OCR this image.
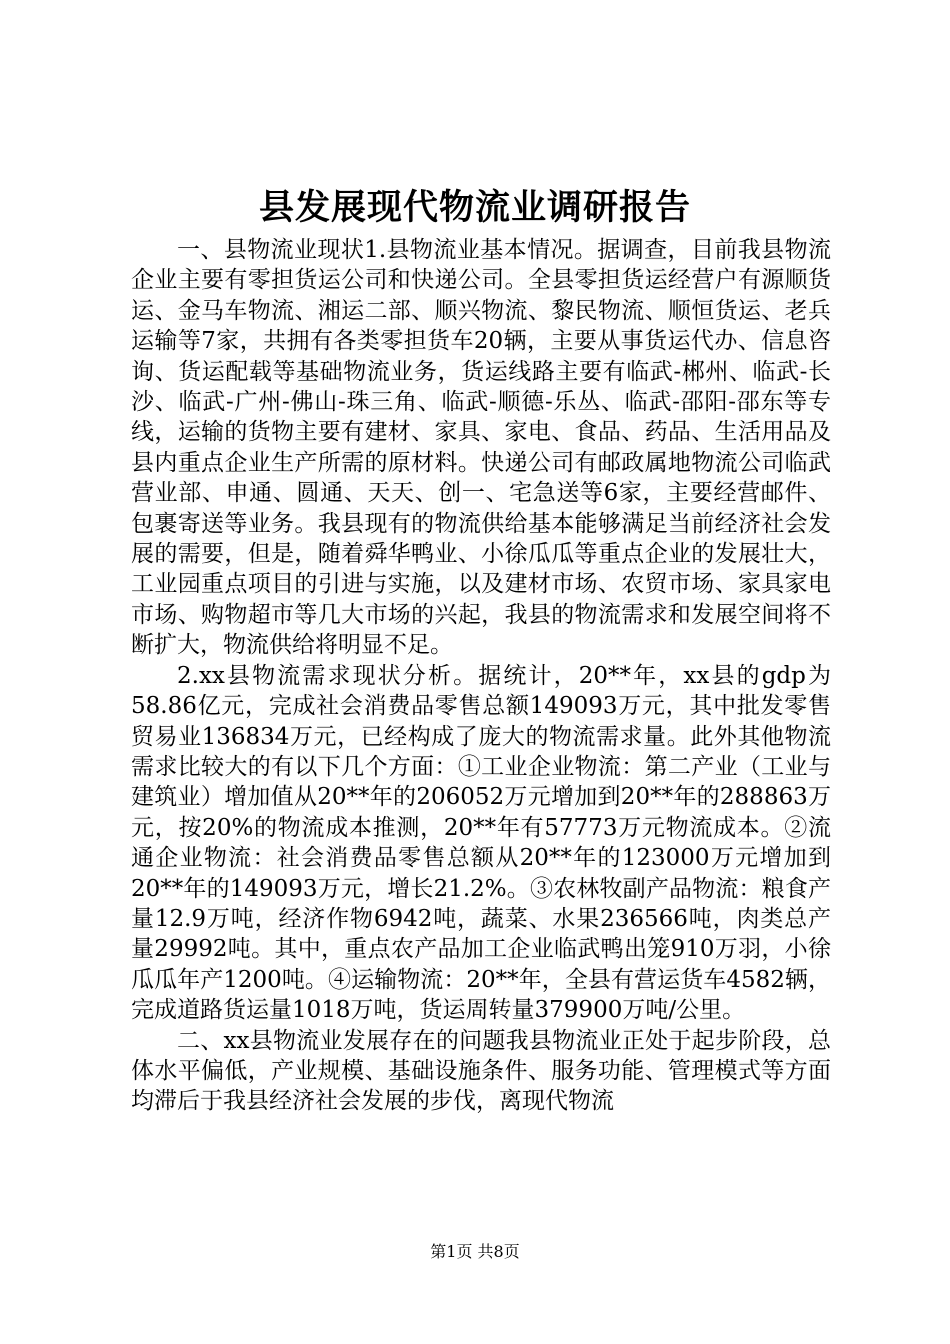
县发展现代物流业调研报告

一、县物流业现状1.县物流业基本情况。据调查，目前我县物流企业主要有零担货运公司和快递公司。全县零担货运经营户有源顺货运、金马车物流、湘运二部、顺兴物流、黎民物流、顺恒货运、老兵运输等7家，共拥有各类零担货车20辆，主要从事货运代办、信息咨询、货运配载等基础物流业务，货运线路主要有临武-郴州、临武-长沙、临武-广州-佛山-珠三角、临武-顺德-乐丛、临武-邵阳-邵东等专线，运输的货物主要有建材、家具、家电、食品、药品、生活用品及县内重点企业生产所需的原材料。快递公司有邮政属地物流公司临武营业部、申通、圆通、天天、创一、宅急送等6家，主要经营邮件、包裹寄送等业务。我县现有的物流供给基本能够满足当前经济社会发展的需要，但是，随着舜华鸭业、小徐瓜瓜等重点企业的发展壮大，工业园重点项目的引进与实施，以及建材市场、农贸市场、家具家电市场、购物超市等几大市场的兴起，我县的物流需求和发展空间将不断扩大，物流供给将明显不足。

2.xx县物流需求现状分析。据统计，20**年，xx县的gdp为58.86亿元，完成社会消费品零售总额149093万元，其中批发零售贸易业136834万元，已经构成了庞大的物流需求量。此外其他物流需求比较大的有以下几个方面：①工业企业物流：第二产业（工业与建筑业）增加值从20**年的206052万元增加到20**年的288863万元，按20%的物流成本推测，20**年有57773万元物流成本。②流通企业物流：社会消费品零售总额从20**年的123000万元增加到20**年的149093万元，增长21.2%。③农林牧副产品物流：粮食产量12.9万吨，经济作物6942吨，蔬菜、水果236566吨，肉类总产量29992吨。其中，重点农产品加工企业临武鸭出笼910万羽，小徐瓜瓜年产1200吨。④运输物流：20**年，全县有营运货车4582辆，完成道路货运量1018万吨，货运周转量379900万吨/公里。

二、xx县物流业发展存在的问题我县物流业正处于起步阶段，总体水平偏低，产业规模、基础设施条件、服务功能、管理模式等方面均滞后于我县经济社会发展的步伐，离现代物流

第1页 共8页
